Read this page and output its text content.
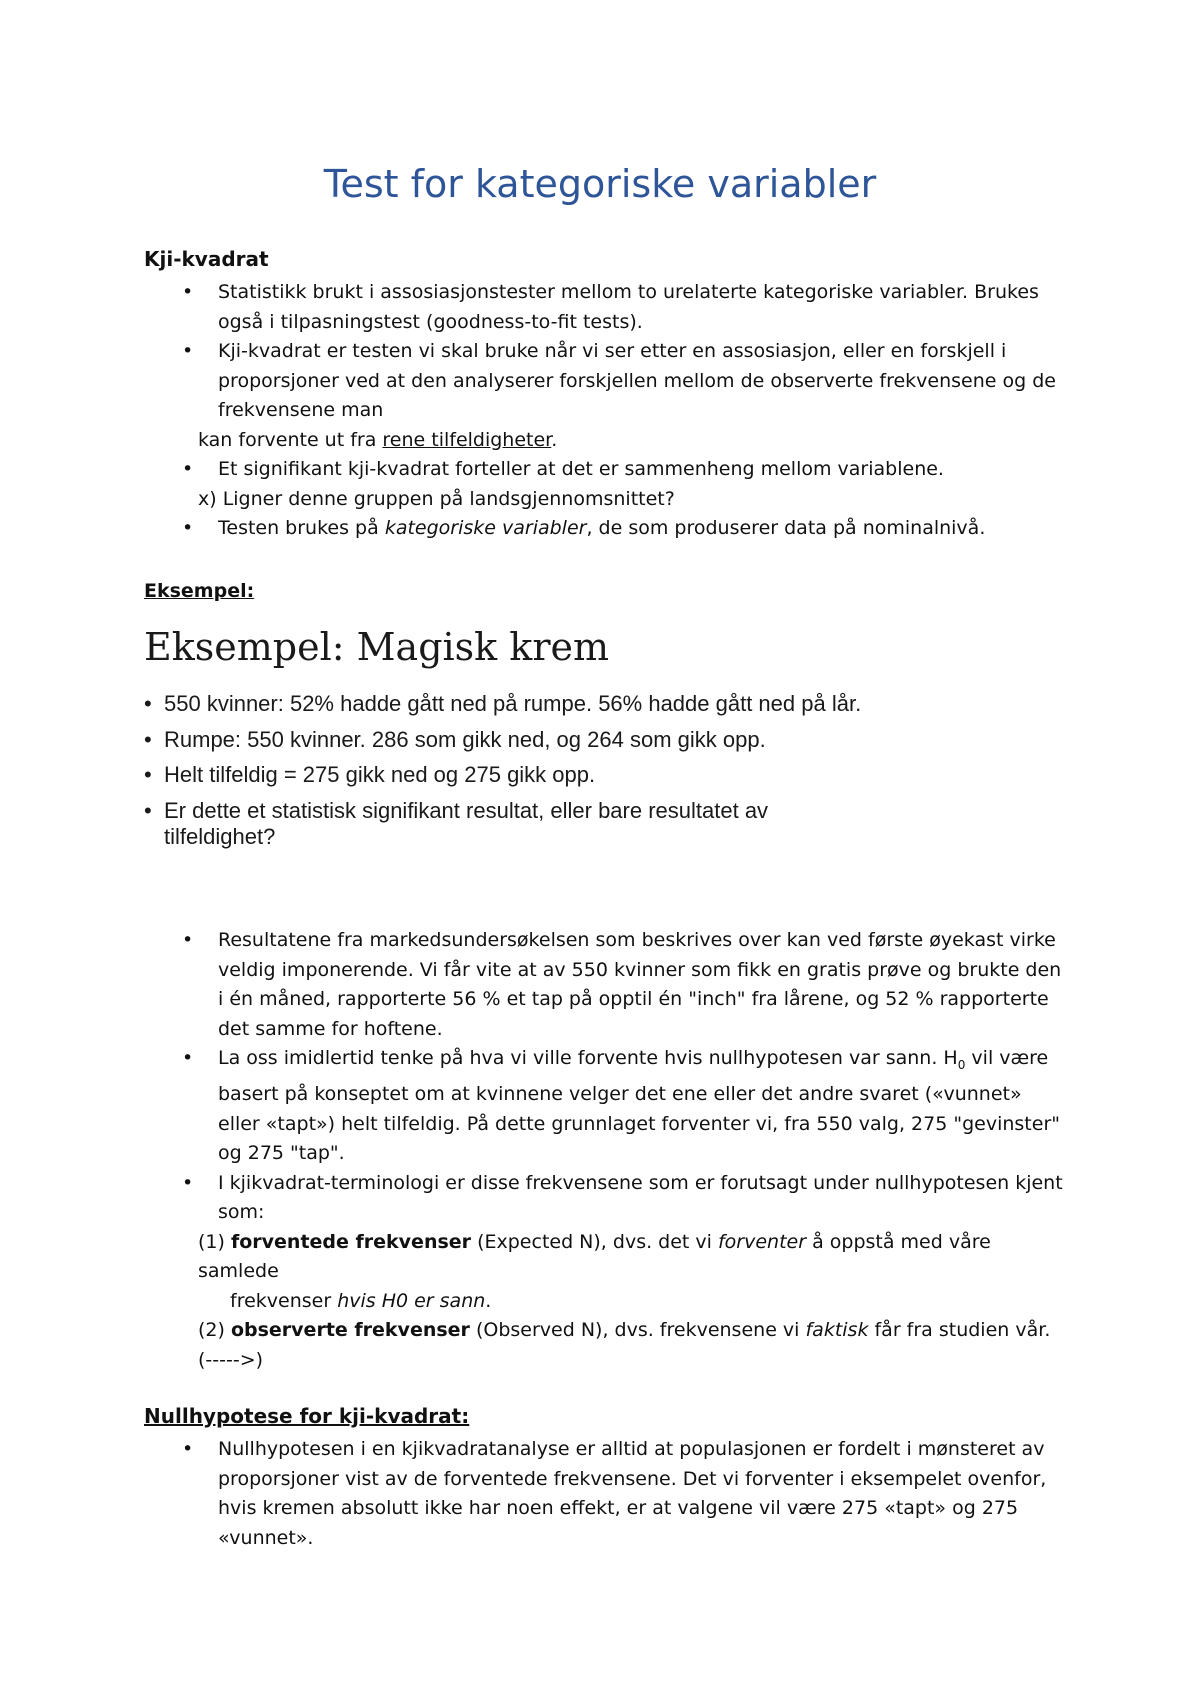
Test for kategoriske variabler
Kji-kvadrat
• Statistikk brukt i assosiasjonstester mellom to urelaterte kategoriske variabler. Brukes også i tilpasningstest (goodness-to-fit tests).
• Kji-kvadrat er testen vi skal bruke når vi ser etter en assosiasjon, eller en forskjell i proporsjoner ved at den analyserer forskjellen mellom de observerte frekvensene og de frekvensene man
kan forvente ut fra rene tilfeldigheter.
• Et signifikant kji-kvadrat forteller at det er sammenheng mellom variablene.
x) Ligner denne gruppen på landsgjennomsnittet?
• Testen brukes på kategoriske variabler, de som produserer data på nominalnivå.
Eksempel:
Eksempel: Magisk krem
• 550 kvinner: 52% hadde gått ned på rumpe. 56% hadde gått ned på lår.
• Rumpe: 550 kvinner. 286 som gikk ned, og 264 som gikk opp.
• Helt tilfeldig = 275 gikk ned og 275 gikk opp.
• Er dette et statistisk signifikant resultat, eller bare resultatet av tilfeldighet?
• Resultatene fra markedsundersøkelsen som beskrives over kan ved første øyekast virke veldig imponerende. Vi får vite at av 550 kvinner som fikk en gratis prøve og brukte den i én måned, rapporterte 56 % et tap på opptil én "inch" fra lårene, og 52 % rapporterte det samme for hoftene.
• La oss imidlertid tenke på hva vi ville forvente hvis nullhypotesen var sann. $H_0$ vil være basert på konseptet om at kvinnene velger det ene eller det andre svaret («vunnet» eller «tapt») helt tilfeldig. På dette grunnlaget forventer vi, fra 550 valg, 275 "gevinster" og 275 "tap".
• I kjikvadrat-terminologi er disse frekvensene som er forutsagt under nullhypotesen kjent som:
(1) forventede frekvenser (Expected N), dvs. det vi forventer å oppstå med våre samlede
frekvenser hvis H0 er sann.
(2) observerte frekvenser (Observed N), dvs. frekvensene vi faktisk får fra studien vår.
(----->)
Nullhypotese for kji-kvadrat:
• Nullhypotesen i en kjikvadratanalyse er alltid at populasjonen er fordelt i mønsteret av proporsjoner vist av de forventede frekvensene. Det vi forventer i eksempelet ovenfor, hvis kremen absolutt ikke har noen effekt, er at valgene vil være 275 «tapt» og 275 «vunnet».
